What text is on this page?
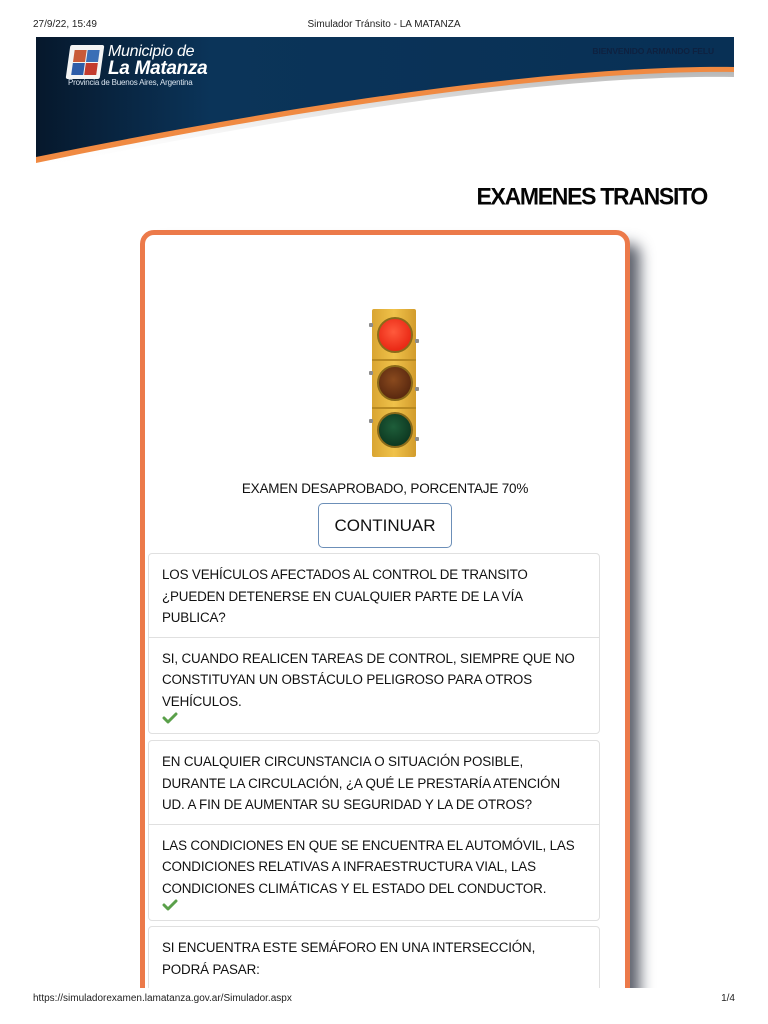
27/9/22, 15:49	Simulador Tránsito - LA MATANZA
Municipio de
La Matanza
Provincia de Buenos Aires, Argentina
BIENVENIDO ARMANDO FELU
EXAMENES TRANSITO
EXAMEN DESAPROBADO, PORCENTAJE 70%
CONTINUAR
LOS VEHÍCULOS AFECTADOS AL CONTROL DE TRANSITO ¿PUEDEN DETENERSE EN CUALQUIER PARTE DE LA VÍA PUBLICA?
SI, CUANDO REALICEN TAREAS DE CONTROL, SIEMPRE QUE NO CONSTITUYAN UN OBSTÁCULO PELIGROSO PARA OTROS VEHÍCULOS.
EN CUALQUIER CIRCUNSTANCIA O SITUACIÓN POSIBLE, DURANTE LA CIRCULACIÓN, ¿A QUÉ LE PRESTARÍA ATENCIÓN UD. A FIN DE AUMENTAR SU SEGURIDAD Y LA DE OTROS?
LAS CONDICIONES EN QUE SE ENCUENTRA EL AUTOMÓVIL, LAS CONDICIONES RELATIVAS A INFRAESTRUCTURA VIAL, LAS CONDICIONES CLIMÁTICAS Y EL ESTADO DEL CONDUCTOR.
SI ENCUENTRA ESTE SEMÁFORO EN UNA INTERSECCIÓN, PODRÁ PASAR:
https://simuladorexamen.lamatanza.gov.ar/Simulador.aspx	1/4
